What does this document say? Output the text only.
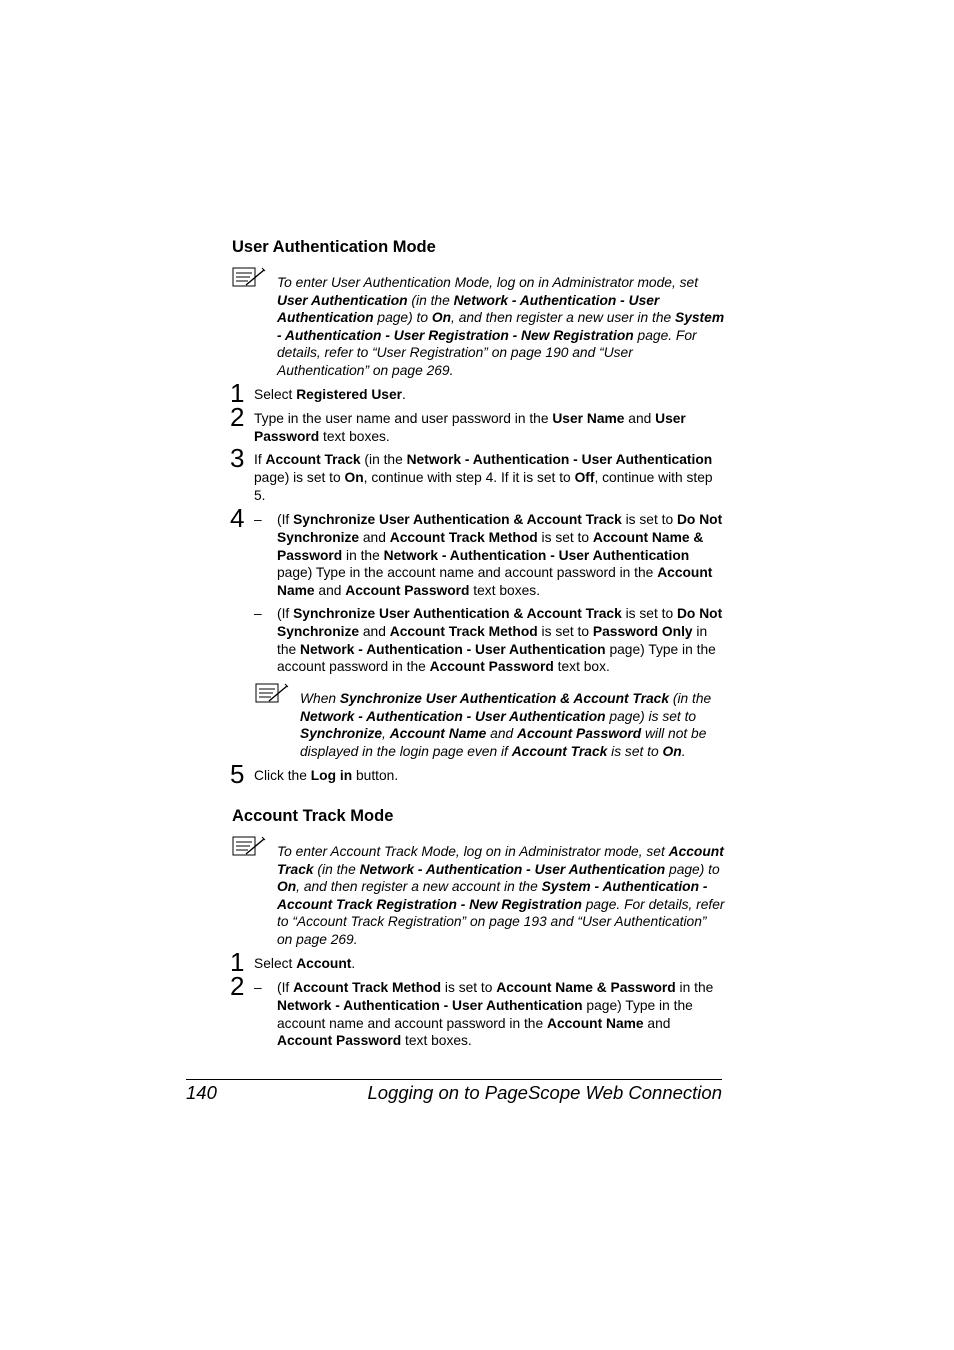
User Authentication Mode
To enter User Authentication Mode, log on in Administrator mode, set User Authentication (in the Network - Authentication - User Authentication page) to On, and then register a new user in the System - Authentication - User Registration - New Registration page. For details, refer to “User Registration” on page 190 and “User Authentication” on page 269.
1 Select Registered User.
2 Type in the user name and user password in the User Name and User Password text boxes.
3 If Account Track (in the Network - Authentication - User Authentication page) is set to On, continue with step 4. If it is set to Off, continue with step 5.
4 – (If Synchronize User Authentication & Account Track is set to Do Not Synchronize and Account Track Method is set to Account Name & Password in the Network - Authentication - User Authentication page) Type in the account name and account password in the Account Name and Account Password text boxes.
– (If Synchronize User Authentication & Account Track is set to Do Not Synchronize and Account Track Method is set to Password Only in the Network - Authentication - User Authentication page) Type in the account password in the Account Password text box.
When Synchronize User Authentication & Account Track (in the Network - Authentication - User Authentication page) is set to Synchronize, Account Name and Account Password will not be displayed in the login page even if Account Track is set to On.
5 Click the Log in button.
Account Track Mode
To enter Account Track Mode, log on in Administrator mode, set Account Track (in the Network - Authentication - User Authentication page) to On, and then register a new account in the System - Authentication - Account Track Registration - New Registration page. For details, refer to “Account Track Registration” on page 193 and “User Authentication” on page 269.
1 Select Account.
2 – (If Account Track Method is set to Account Name & Password in the Network - Authentication - User Authentication page) Type in the account name and account password in the Account Name and Account Password text boxes.
140	Logging on to PageScope Web Connection
